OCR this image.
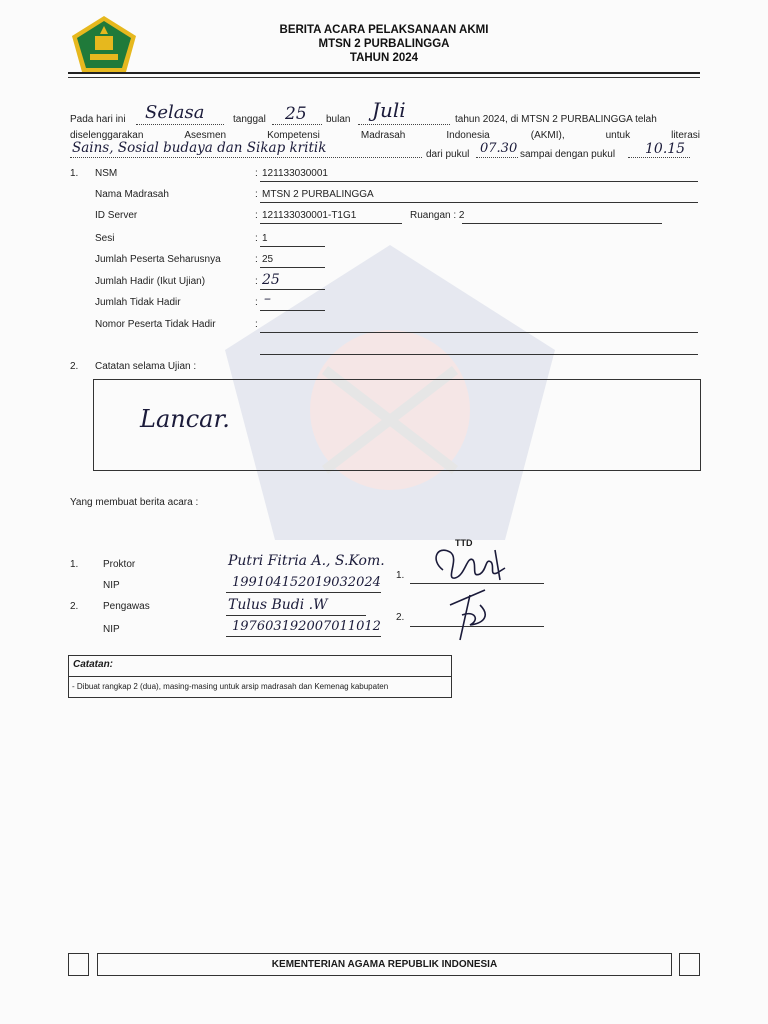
BERITA ACARA PELAKSANAAN AKMI
MTSN 2 PURBALINGGA
TAHUN 2024
Pada hari ini Selasa	tanggal 25 bulan Juli	tahun 2024, di MTSN 2 PURBALINGGA telah
diselenggarakan	Asesmen	Kompetensi	Madrasah	Indonesia	(AKMI),	untuk	literasi
Sains, Sosial budaya dan Sikap kritik	dari pukul 07.30 sampai dengan pukul 10.15
1. NSM	: 121133030001
Nama Madrasah	: MTSN 2 PURBALINGGA
ID Server	: 121133030001-T1G1	Ruangan : 2
Sesi	: 1
Jumlah Peserta Seharusnya	: 25
Jumlah Hadir (Ikut Ujian)	: 25
Jumlah Tidak Hadir	: –
Nomor Peserta Tidak Hadir	:
2. Catatan selama Ujian :
Lancar.
Yang membuat berita acara :
TTD
1. Proktor	Putri Fitria A., S.Kom.
NIP	199104152019032024 1.
2. Pengawas	Tulus Budi .W
NIP	197603192007011012
2.
Catatan:
- Dibuat rangkap 2 (dua), masing-masing untuk arsip madrasah dan Kemenag kabupaten
KEMENTERIAN AGAMA REPUBLIK INDONESIA
